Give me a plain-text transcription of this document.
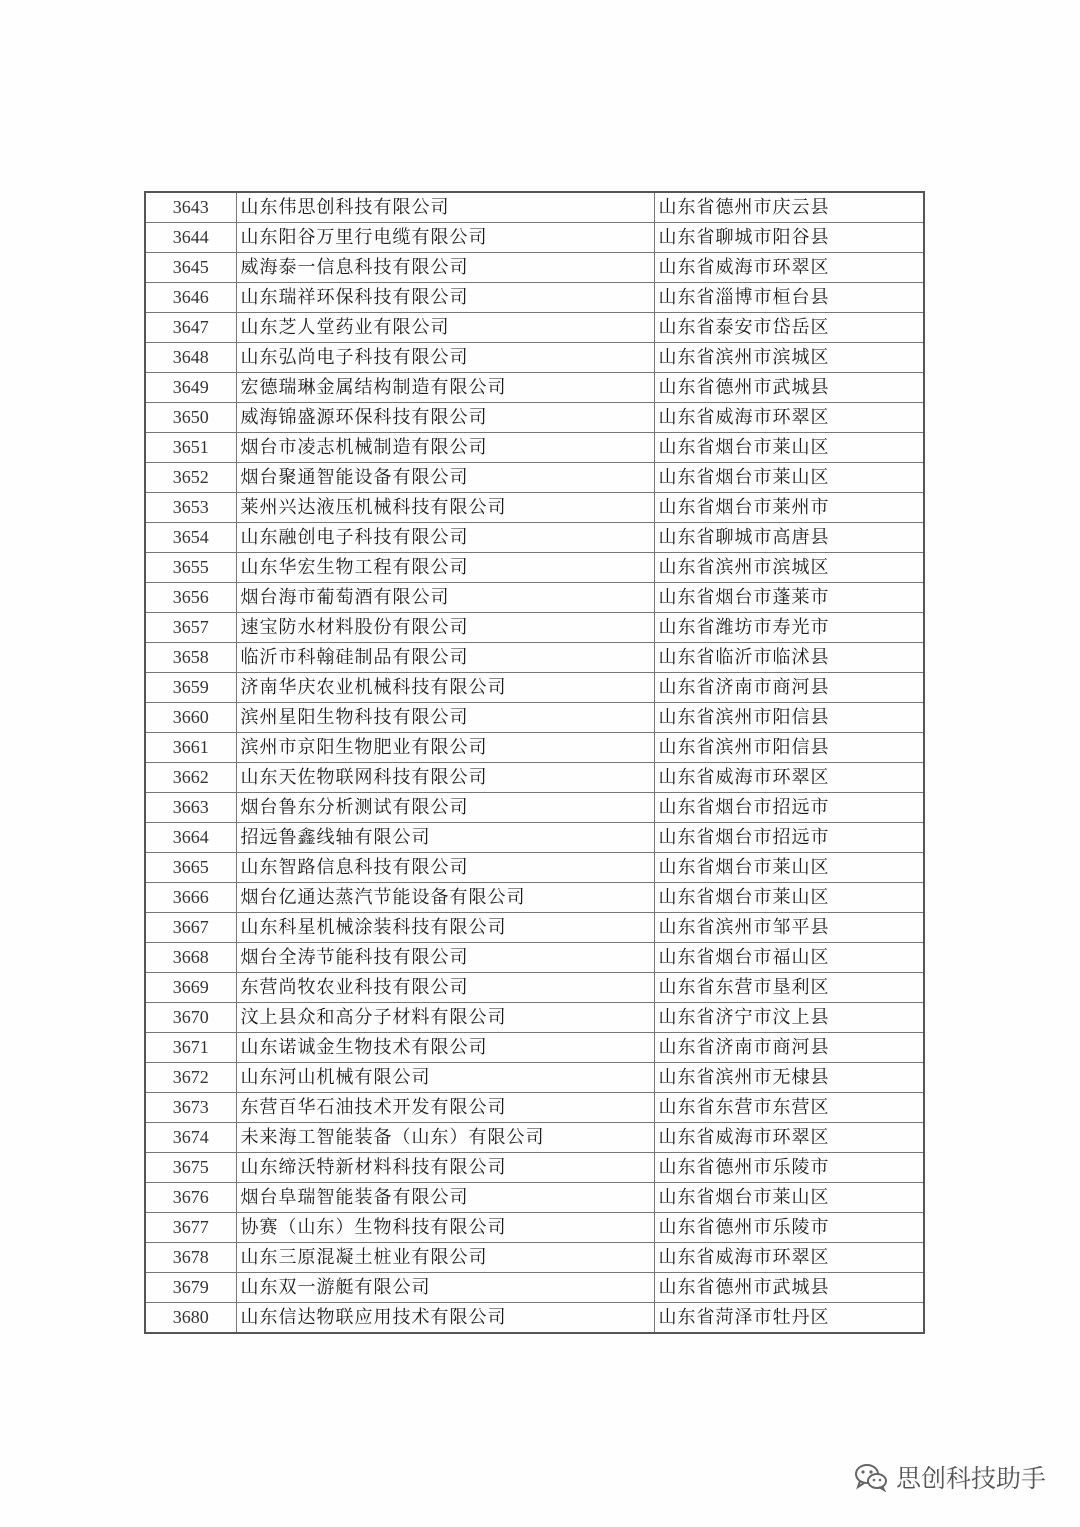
3643	山东伟思创科技有限公司	山东省德州市庆云县
3644	山东阳谷万里行电缆有限公司	山东省聊城市阳谷县
3645	威海泰一信息科技有限公司	山东省威海市环翠区
3646	山东瑞祥环保科技有限公司	山东省淄博市桓台县
3647	山东芝人堂药业有限公司	山东省泰安市岱岳区
3648	山东弘尚电子科技有限公司	山东省滨州市滨城区
3649	宏德瑞琳金属结构制造有限公司	山东省德州市武城县
3650	威海锦盛源环保科技有限公司	山东省威海市环翠区
3651	烟台市凌志机械制造有限公司	山东省烟台市莱山区
3652	烟台聚通智能设备有限公司	山东省烟台市莱山区
3653	莱州兴达液压机械科技有限公司	山东省烟台市莱州市
3654	山东融创电子科技有限公司	山东省聊城市高唐县
3655	山东华宏生物工程有限公司	山东省滨州市滨城区
3656	烟台海市葡萄酒有限公司	山东省烟台市蓬莱市
3657	速宝防水材料股份有限公司	山东省潍坊市寿光市
3658	临沂市科翰硅制品有限公司	山东省临沂市临沭县
3659	济南华庆农业机械科技有限公司	山东省济南市商河县
3660	滨州星阳生物科技有限公司	山东省滨州市阳信县
3661	滨州市京阳生物肥业有限公司	山东省滨州市阳信县
3662	山东天佐物联网科技有限公司	山东省威海市环翠区
3663	烟台鲁东分析测试有限公司	山东省烟台市招远市
3664	招远鲁鑫线轴有限公司	山东省烟台市招远市
3665	山东智路信息科技有限公司	山东省烟台市莱山区
3666	烟台亿通达蒸汽节能设备有限公司	山东省烟台市莱山区
3667	山东科星机械涂装科技有限公司	山东省滨州市邹平县
3668	烟台全涛节能科技有限公司	山东省烟台市福山区
3669	东营尚牧农业科技有限公司	山东省东营市垦利区
3670	汶上县众和高分子材料有限公司	山东省济宁市汶上县
3671	山东诺诚金生物技术有限公司	山东省济南市商河县
3672	山东河山机械有限公司	山东省滨州市无棣县
3673	东营百华石油技术开发有限公司	山东省东营市东营区
3674	未来海工智能装备（山东）有限公司	山东省威海市环翠区
3675	山东缔沃特新材料科技有限公司	山东省德州市乐陵市
3676	烟台阜瑞智能装备有限公司	山东省烟台市莱山区
3677	协赛（山东）生物科技有限公司	山东省德州市乐陵市
3678	山东三原混凝土桩业有限公司	山东省威海市环翠区
3679	山东双一游艇有限公司	山东省德州市武城县
3680	山东信达物联应用技术有限公司	山东省菏泽市牡丹区
思创科技助手
